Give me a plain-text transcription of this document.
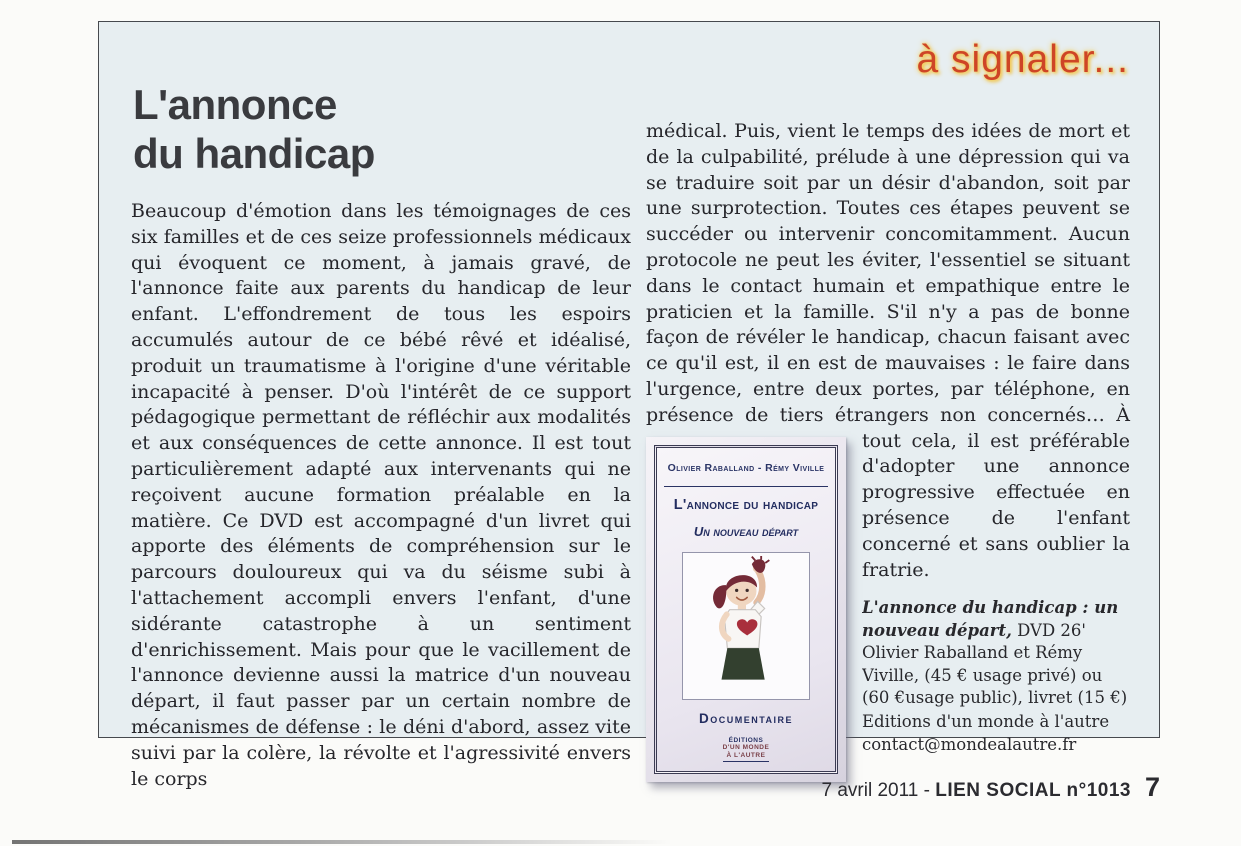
à signaler...
L'annonce
du handicap
Beaucoup d'émotion dans les témoignages de ces six familles et de ces seize professionnels médicaux qui évoquent ce moment, à jamais gravé, de l'annonce faite aux parents du handicap de leur enfant. L'effondrement de tous les espoirs accumulés autour de ce bébé rêvé et idéalisé, produit un traumatisme à l'origine d'une véritable incapacité à penser. D'où l'intérêt de ce support pédagogique permettant de réfléchir aux modalités et aux conséquences de cette annonce. Il est tout particulièrement adapté aux intervenants qui ne reçoivent aucune formation préalable en la matière. Ce DVD est accompagné d'un livret qui apporte des éléments de compréhension sur le parcours douloureux qui va du séisme subi à l'attachement accompli envers l'enfant, d'une sidérante catastrophe à un sentiment d'enrichissement. Mais pour que le vacillement de l'annonce devienne aussi la matrice d'un nouveau départ, il faut passer par un certain nombre de mécanismes de défense : le déni d'abord, assez vite suivi par la colère, la révolte et l'agressivité envers le corps
médical. Puis, vient le temps des idées de mort et de la culpabilité, prélude à une dépression qui va se traduire soit par un désir d'abandon, soit par une surprotection. Toutes ces étapes peuvent se succéder ou intervenir concomitamment. Aucun protocole ne peut les éviter, l'essentiel se situant dans le contact humain et empathique entre le praticien et la famille. S'il n'y a pas de bonne façon de révéler le handicap, chacun faisant avec ce qu'il est, il en est de mauvaises : le faire dans l'urgence, entre deux portes, par téléphone, en présence de tiers étrangers non concernés… À tout
Olivier Raballand - Rémy Viville
L'annonce du handicap
Un nouveau départ
Documentaire
ÉDITIONS
D'UN MONDE
À L'AUTRE
cela, il est préférable d'adopter une annonce progressive effectuée en présence de l'enfant concerné et sans oublier la fratrie.
L'annonce du handicap : un nouveau départ, DVD 26' Olivier Raballand et Rémy Viville, (45 € usage privé) ou (60 €usage public), livret (15 €)
Editions d'un monde à l'autre
contact@mondealautre.fr
7 avril 2011 - LIEN SOCIAL n°1013 7
